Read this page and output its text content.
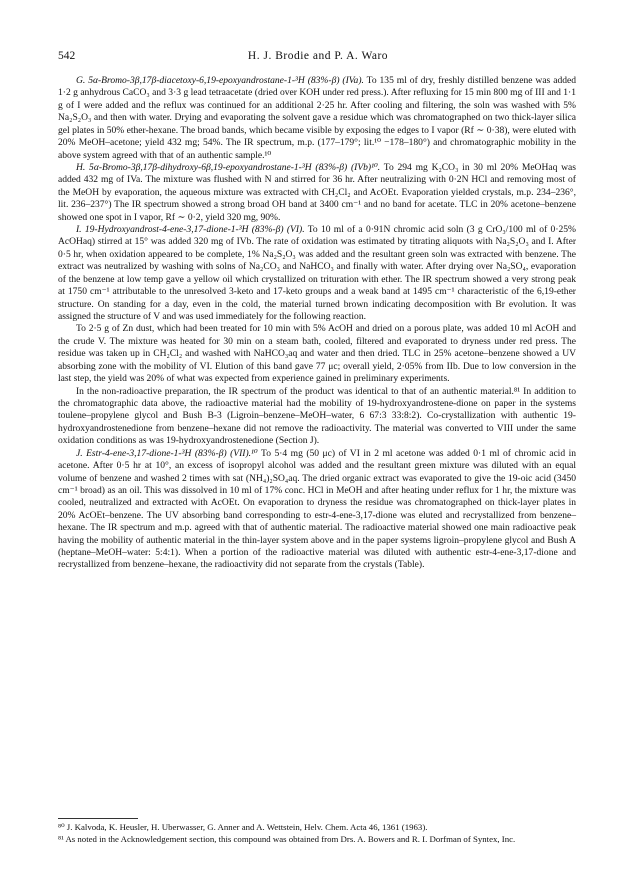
542	H. J. Brodie and P. A. Waro

G. 5α-Bromo-3β,17β-diacetoxy-6,19-epoxyandrostane-1-³H (83%-β) (IVa). To 135 ml of dry, freshly distilled benzene was added 1·2 g anhydrous CaCO₃ and 3·3 g lead tetraacetate (dried over KOH under red press.). After refluxing for 15 min 800 mg of III and 1·1 g of I were added and the reflux was continued for an additional 2·25 hr. After cooling and filtering, the soln was washed with 5% Na₂S₂O₃ and then with water. Drying and evaporating the solvent gave a residue which was chromatographed on two thick-layer silica gel plates in 50% ether-hexane. The broad bands, which became visible by exposing the edges to I vapor (Rf ∼ 0·38), were eluted with 20% MeOH–acetone; yield 432 mg; 54%. The IR spectrum, m.p. (177–179°; lit.¹⁰ −178–180°) and chromatographic mobility in the above system agreed with that of an authentic sample.¹⁰

H. 5α-Bromo-3β,17β-dihydroxy-6β,19-epoxyandrostane-1-³H (83%-β) (IVb)¹⁰. To 294 mg K₂CO₃ in 30 ml 20% MeOHaq was added 432 mg of IVa. The mixture was flushed with N and stirred for 36 hr. After neutralizing with 0·2N HCl and removing most of the MeOH by evaporation, the aqueous mixture was extracted with CH₂Cl₂ and AcOEt. Evaporation yielded crystals, m.p. 234–236°, lit. 236–237°) The IR spectrum showed a strong broad OH band at 3400 cm⁻¹ and no band for acetate. TLC in 20% acetone–benzene showed one spot in I vapor, Rf ∼ 0·2, yield 320 mg, 90%.

I. 19-Hydroxyandrost-4-ene-3,17-dione-1-³H (83%-β) (VI). To 10 ml of a 0·91N chromic acid soln (3 g CrO₃/100 ml of 0·25% AcOHaq) stirred at 15° was added 320 mg of IVb. The rate of oxidation was estimated by titrating aliquots with Na₂S₂O₃ and I. After 0·5 hr, when oxidation appeared to be complete, 1% Na₂S₂O₃ was added and the resultant green soln was extracted with benzene. The extract was neutralized by washing with solns of Na₂CO₃ and NaHCO₃ and finally with water. After drying over Na₂SO₄, evaporation of the benzene at low temp gave a yellow oil which crystallized on trituration with ether. The IR spectrum showed a very strong peak at 1750 cm⁻¹ attributable to the unresolved 3-keto and 17-keto groups and a weak band at 1495 cm⁻¹ characteristic of the 6,19-ether structure. On standing for a day, even in the cold, the material turned brown indicating decomposition with Br evolution. It was assigned the structure of V and was used immediately for the following reaction.

To 2·5 g of Zn dust, which had been treated for 10 min with 5% AcOH and dried on a porous plate, was added 10 ml AcOH and the crude V. The mixture was heated for 30 min on a steam bath, cooled, filtered and evaporated to dryness under red press. The residue was taken up in CH₂Cl₂ and washed with NaHCO₃aq and water and then dried. TLC in 25% acetone–benzene showed a UV absorbing zone with the mobility of VI. Elution of this band gave 77 μc; overall yield, 2·05% from IIb. Due to low conversion in the last step, the yield was 20% of what was expected from experience gained in preliminary experiments.

In the non-radioactive preparation, the IR spectrum of the product was identical to that of an authentic material.⁸¹ In addition to the chromatographic data above, the radioactive material had the mobility of 19-hydroxyandrostene-dione on paper in the systems toulene–propylene glycol and Bush B-3 (Ligroin–benzene–MeOH–water, 6 67:3 33:8:2). Co-crystallization with authentic 19-hydroxyandrostenedione from benzene–hexane did not remove the radioactivity. The material was converted to VIII under the same oxidation conditions as was 19-hydroxyandrostenedione (Section J).

J. Estr-4-ene-3,17-dione-1-³H (83%-β) (VII).¹⁰ To 5·4 mg (50 μc) of VI in 2 ml acetone was added 0·1 ml of chromic acid in acetone. After 0·5 hr at 10°, an excess of isopropyl alcohol was added and the resultant green mixture was diluted with an equal volume of benzene and washed 2 times with sat (NH₄)₂SO₄aq. The dried organic extract was evaporated to give the 19-oic acid (3450 cm⁻¹ broad) as an oil. This was dissolved in 10 ml of 17% conc. HCl in MeOH and after heating under reflux for 1 hr, the mixture was cooled, neutralized and extracted with AcOEt. On evaporation to dryness the residue was chromatographed on thick-layer plates in 20% AcOEt–benzene. The UV absorbing band corresponding to estr-4-ene-3,17-dione was eluted and recrystallized from benzene–hexane. The IR spectrum and m.p. agreed with that of authentic material. The radioactive material showed one main radioactive peak having the mobility of authentic material in the thin-layer system above and in the paper systems ligroin–propylene glycol and Bush A (heptane–MeOH–water: 5:4:1). When a portion of the radioactive material was diluted with authentic estr-4-ene-3,17-dione and recrystallized from benzene–hexane, the radioactivity did not separate from the crystals (Table).

⁸⁰ J. Kalvoda, K. Heusler, H. Uberwasser, G. Anner and A. Wettstein, Helv. Chem. Acta 46, 1361 (1963).

⁸¹ As noted in the Acknowledgement section, this compound was obtained from Drs. A. Bowers and R. I. Dorfman of Syntex, Inc.
